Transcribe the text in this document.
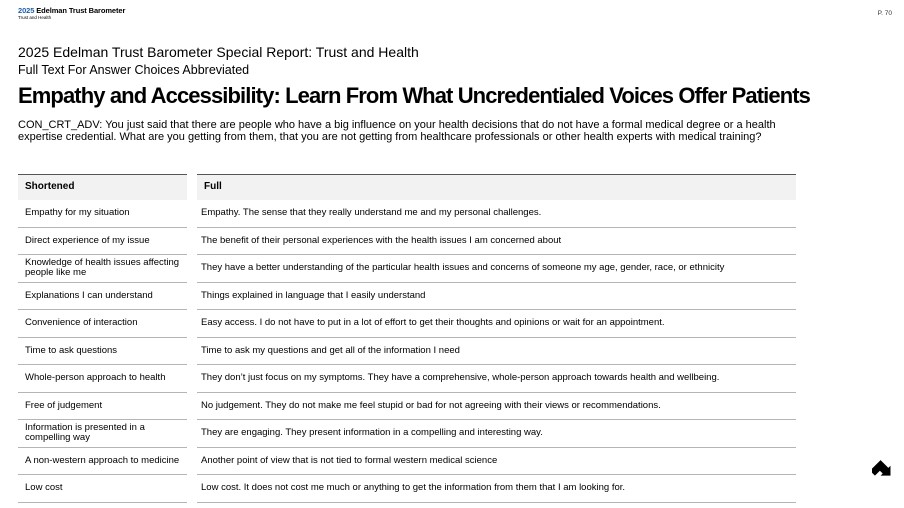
2025 Edelman Trust Barometer
Trust and Health	P. 70
2025 Edelman Trust Barometer Special Report: Trust and Health
Full Text For Answer Choices Abbreviated
Empathy and Accessibility: Learn From What Uncredentialed Voices Offer Patients
CON_CRT_ADV: You just said that there are people who have a big influence on your health decisions that do not have a formal medical degree or a health expertise credential. What are you getting from them, that you are not getting from healthcare professionals or other health experts with medical training?
Shortened	Full
Empathy for my situation	Empathy. The sense that they really understand me and my personal challenges.
Direct experience of my issue	The benefit of their personal experiences with the health issues I am concerned about
Knowledge of health issues affecting people like me	They have a better understanding of the particular health issues and concerns of someone my age, gender, race, or ethnicity
Explanations I can understand	Things explained in language that I easily understand
Convenience of interaction	Easy access. I do not have to put in a lot of effort to get their thoughts and opinions or wait for an appointment.
Time to ask questions	Time to ask my questions and get all of the information I need
Whole-person approach to health	They don’t just focus on my symptoms. They have a comprehensive, whole-person approach towards health and wellbeing.
Free of judgement	No judgement. They do not make me feel stupid or bad for not agreeing with their views or recommendations.
Information is presented in a compelling way	They are engaging. They present information in a compelling and interesting way.
A non-western approach to medicine	Another point of view that is not tied to formal western medical science
Low cost	Low cost. It does not cost me much or anything to get the information from them that I am looking for.
